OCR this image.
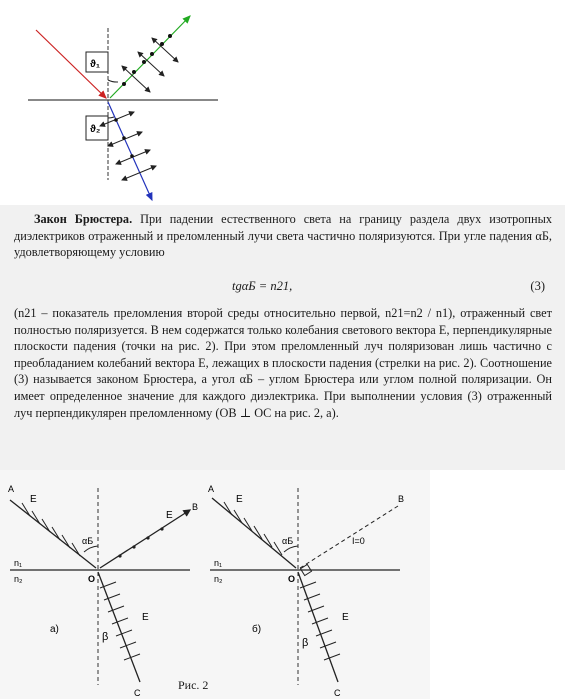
ϑ₁
ϑ₂
Закон Брюстера. При падении естественного света на границу раздела двух изотропных диэлектриков отраженный и преломленный лучи света частично поляризуются. При угле падения αБ, удовлетворяющему условию
tgαБ = n21,	(3)
(n21 – показатель преломления второй среды относительно первой, n21=n2 / n1), отраженный свет полностью поляризуется. В нем содержатся только колебания светового вектора E, перпендикулярные плоскости падения (точки на рис. 2). При этом преломленный луч поляризован лишь частично с преобладанием колебаний вектора E, лежащих в плоскости падения (стрелки на рис. 2). Соотношение (3) называется законом Брюстера, а угол αБ – углом Брюстера или углом полной поляризации. Он имеет определенное значение для каждого диэлектрика. При выполнении условия (3) отраженный луч перпендикулярен преломленному (OB ⊥ OC на рис. 2, а).
A
B
C
O
n₁
n₂
αБ
β
E
E
E
а)
A
B
C
O
n₁
n₂
αБ
β
E
E
I=0
б)
Рис. 2
